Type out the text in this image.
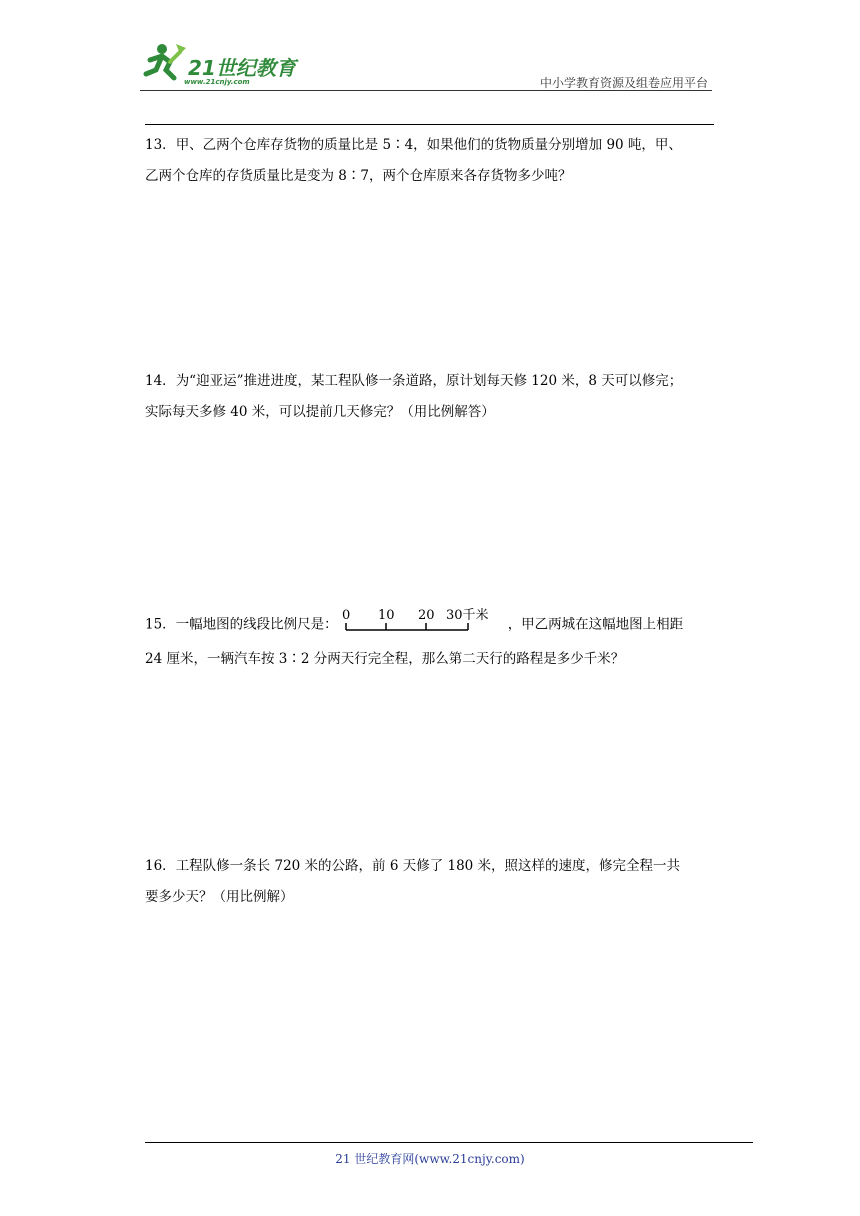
21世纪教育
www.21cnjy.com	中小学教育资源及组卷应用平台

13．甲、乙两个仓库存货物的质量比是 5∶4，如果他们的货物质量分别增加 90 吨，甲、

乙两个仓库的存货质量比是变为 8∶7，两个仓库原来各存货物多少吨？

14．为“迎亚运”推进进度，某工程队修一条道路，原计划每天修 120 米，8 天可以修完；

实际每天多修 40 米，可以提前几天修完？（用比例解答）

15．一幅地图的线段比例尺是：
0 10 20 30千米
，甲乙两城在这幅地图上相距

24 厘米，一辆汽车按 3∶2 分两天行完全程，那么第二天行的路程是多少千米？

16．工程队修一条长 720 米的公路，前 6 天修了 180 米，照这样的速度，修完全程一共

要多少天？（用比例解）

21 世纪教育网(www.21cnjy.com)
